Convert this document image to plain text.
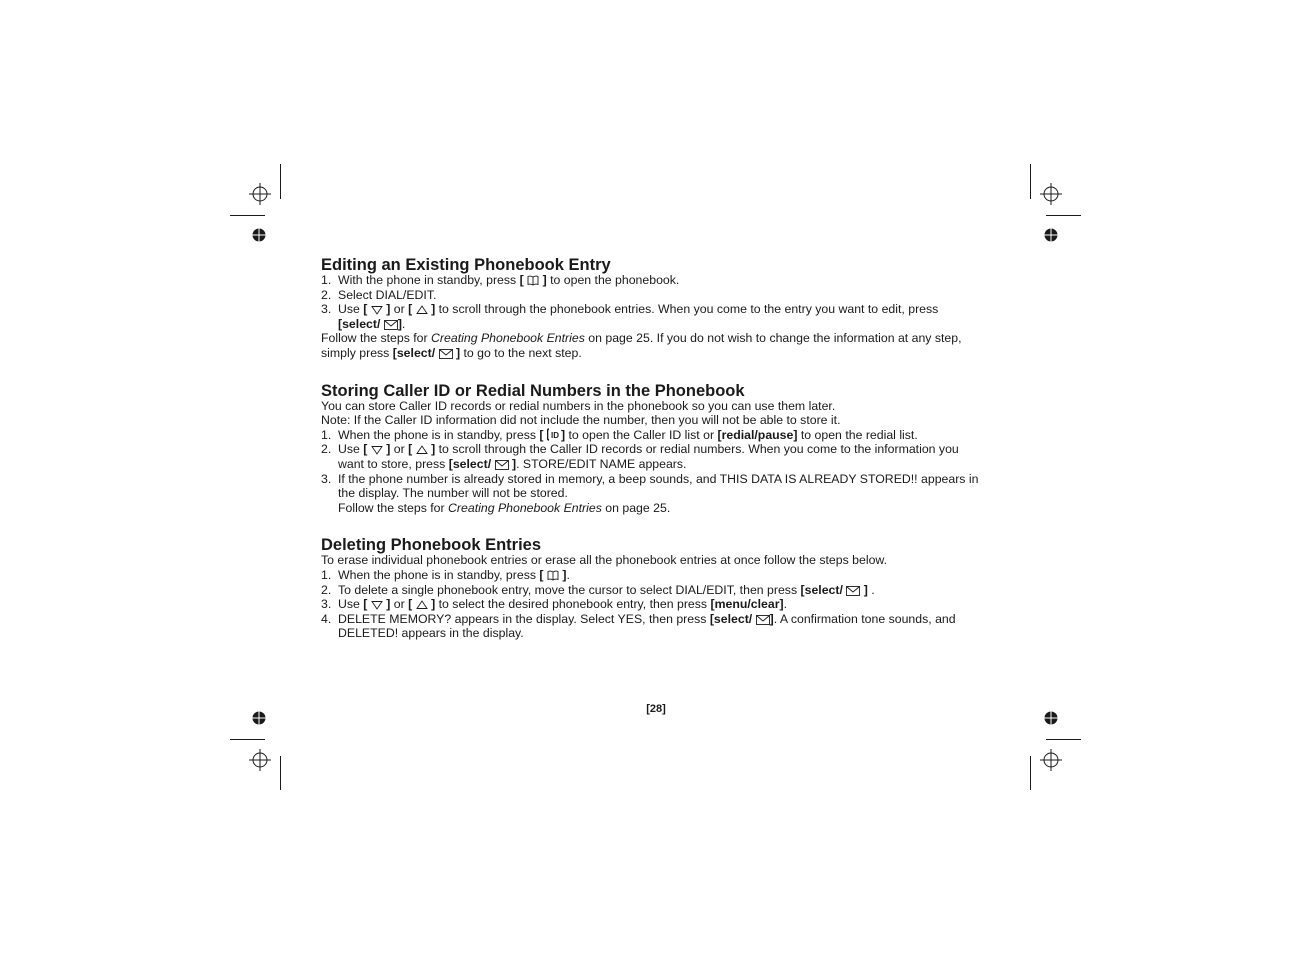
Editing an Existing Phonebook Entry
1. With the phone in standby, press [ ] to open the phonebook.
2. Select DIAL/EDIT.
3. Use [ ] or [ ] to scroll through the phonebook entries. When you come to the entry you want to edit, press [select/ ].

Follow the steps for Creating Phonebook Entries on page 25. If you do not wish to change the information at any step, simply press [select/ ] to go to the next step.

Storing Caller ID or Redial Numbers in the Phonebook

You can store Caller ID records or redial numbers in the phonebook so you can use them later.

Note: If the Caller ID information did not include the number, then you will not be able to store it.

1. When the phone is in standby, press [ ID ] to open the Caller ID list or [redial/pause] to open the redial list.
2. Use [ ] or [ ] to scroll through the Caller ID records or redial numbers. When you come to the information you want to store, press [select/ ]. STORE/EDIT NAME appears.
3. If the phone number is already stored in memory, a beep sounds, and THIS DATA IS ALREADY STORED!! appears in the display. The number will not be stored.

Follow the steps for Creating Phonebook Entries on page 25.

Deleting Phonebook Entries

To erase individual phonebook entries or erase all the phonebook entries at once follow the steps below.

1. When the phone is in standby, press [ ].
2. To delete a single phonebook entry, move the cursor to select DIAL/EDIT, then press [select/ ] .
3. Use [ ] or [ ] to select the desired phonebook entry, then press [menu/clear].
4. DELETE MEMORY? appears in the display. Select YES, then press [select/ ]. A confirmation tone sounds, and DELETED! appears in the display.
[28]
